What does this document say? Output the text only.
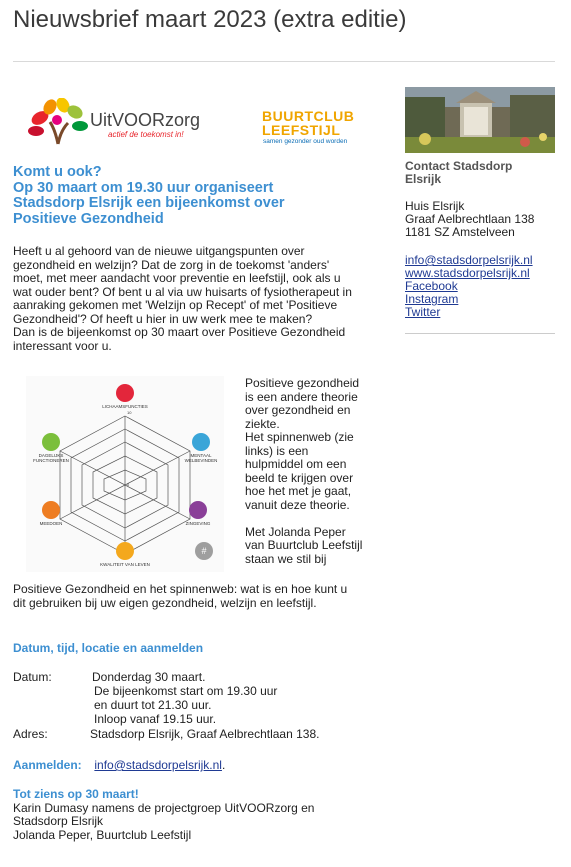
Nieuwsbrief maart 2023 (extra editie)
UitVOORzorg
actief de toekomst in!
BUURTCLUB
LEEFSTIJL
samen gezonder oud worden
Komt u ook?
Op 30 maart om 19.30 uur organiseert
Stadsdorp Elsrijk een bijeenkomst over
Positieve Gezondheid
Heeft u al gehoord van de nieuwe uitgangspunten over
gezondheid en welzijn? Dat de zorg in de toekomst 'anders'
moet, met meer aandacht voor preventie en leefstijl, ook als u
wat ouder bent? Of bent u al via uw huisarts of fysiotherapeut in
aanraking gekomen met 'Welzijn op Recept' of met 'Positieve
Gezondheid'? Of heeft u hier in uw werk mee te maken?
Dan is de bijeenkomst op 30 maart over Positieve Gezondheid
interessant voor u.
10
0
LICHAAMSFUNCTIES
MENTAAL
WELBEVINDEN
ZINGEVING
KWALITEIT VAN LEVEN
MEEDOEN
DAGELIJKS
FUNCTIONEREN
#
Positieve gezondheid
is een andere theorie
over gezondheid en
ziekte.
Het spinnenweb (zie
links) is een
hulpmiddel om een
beeld te krijgen over
hoe het met je gaat,
vanuit deze theorie.
Met Jolanda Peper
van Buurtclub Leefstijl
staan we stil bij
Positieve Gezondheid en het spinnenweb: wat is en hoe kunt u
dit gebruiken bij uw eigen gezondheid, welzijn en leefstijl.
Datum, tijd, locatie en aanmelden
Datum:	Donderdag 30 maart.
De bijeenkomst start om 19.30 uur
en duurt tot 21.30 uur.
Inloop vanaf 19.15 uur.
Adres:	Stadsdorp Elsrijk, Graaf Aelbrechtlaan 138.
Aanmelden: info@stadsdorpelsrijk.nl.
Tot ziens op 30 maart!
Karin Dumasy namens de projectgroep UitVOORzorg en
Stadsdorp Elsrijk
Jolanda Peper, Buurtclub Leefstijl
Contact Stadsdorp
Elsrijk
Huis Elsrijk
Graaf Aelbrechtlaan 138
1181 SZ Amstelveen
info@stadsdorpelsrijk.nl
www.stadsdorpelsrijk.nl
Facebook
Instagram
Twitter
